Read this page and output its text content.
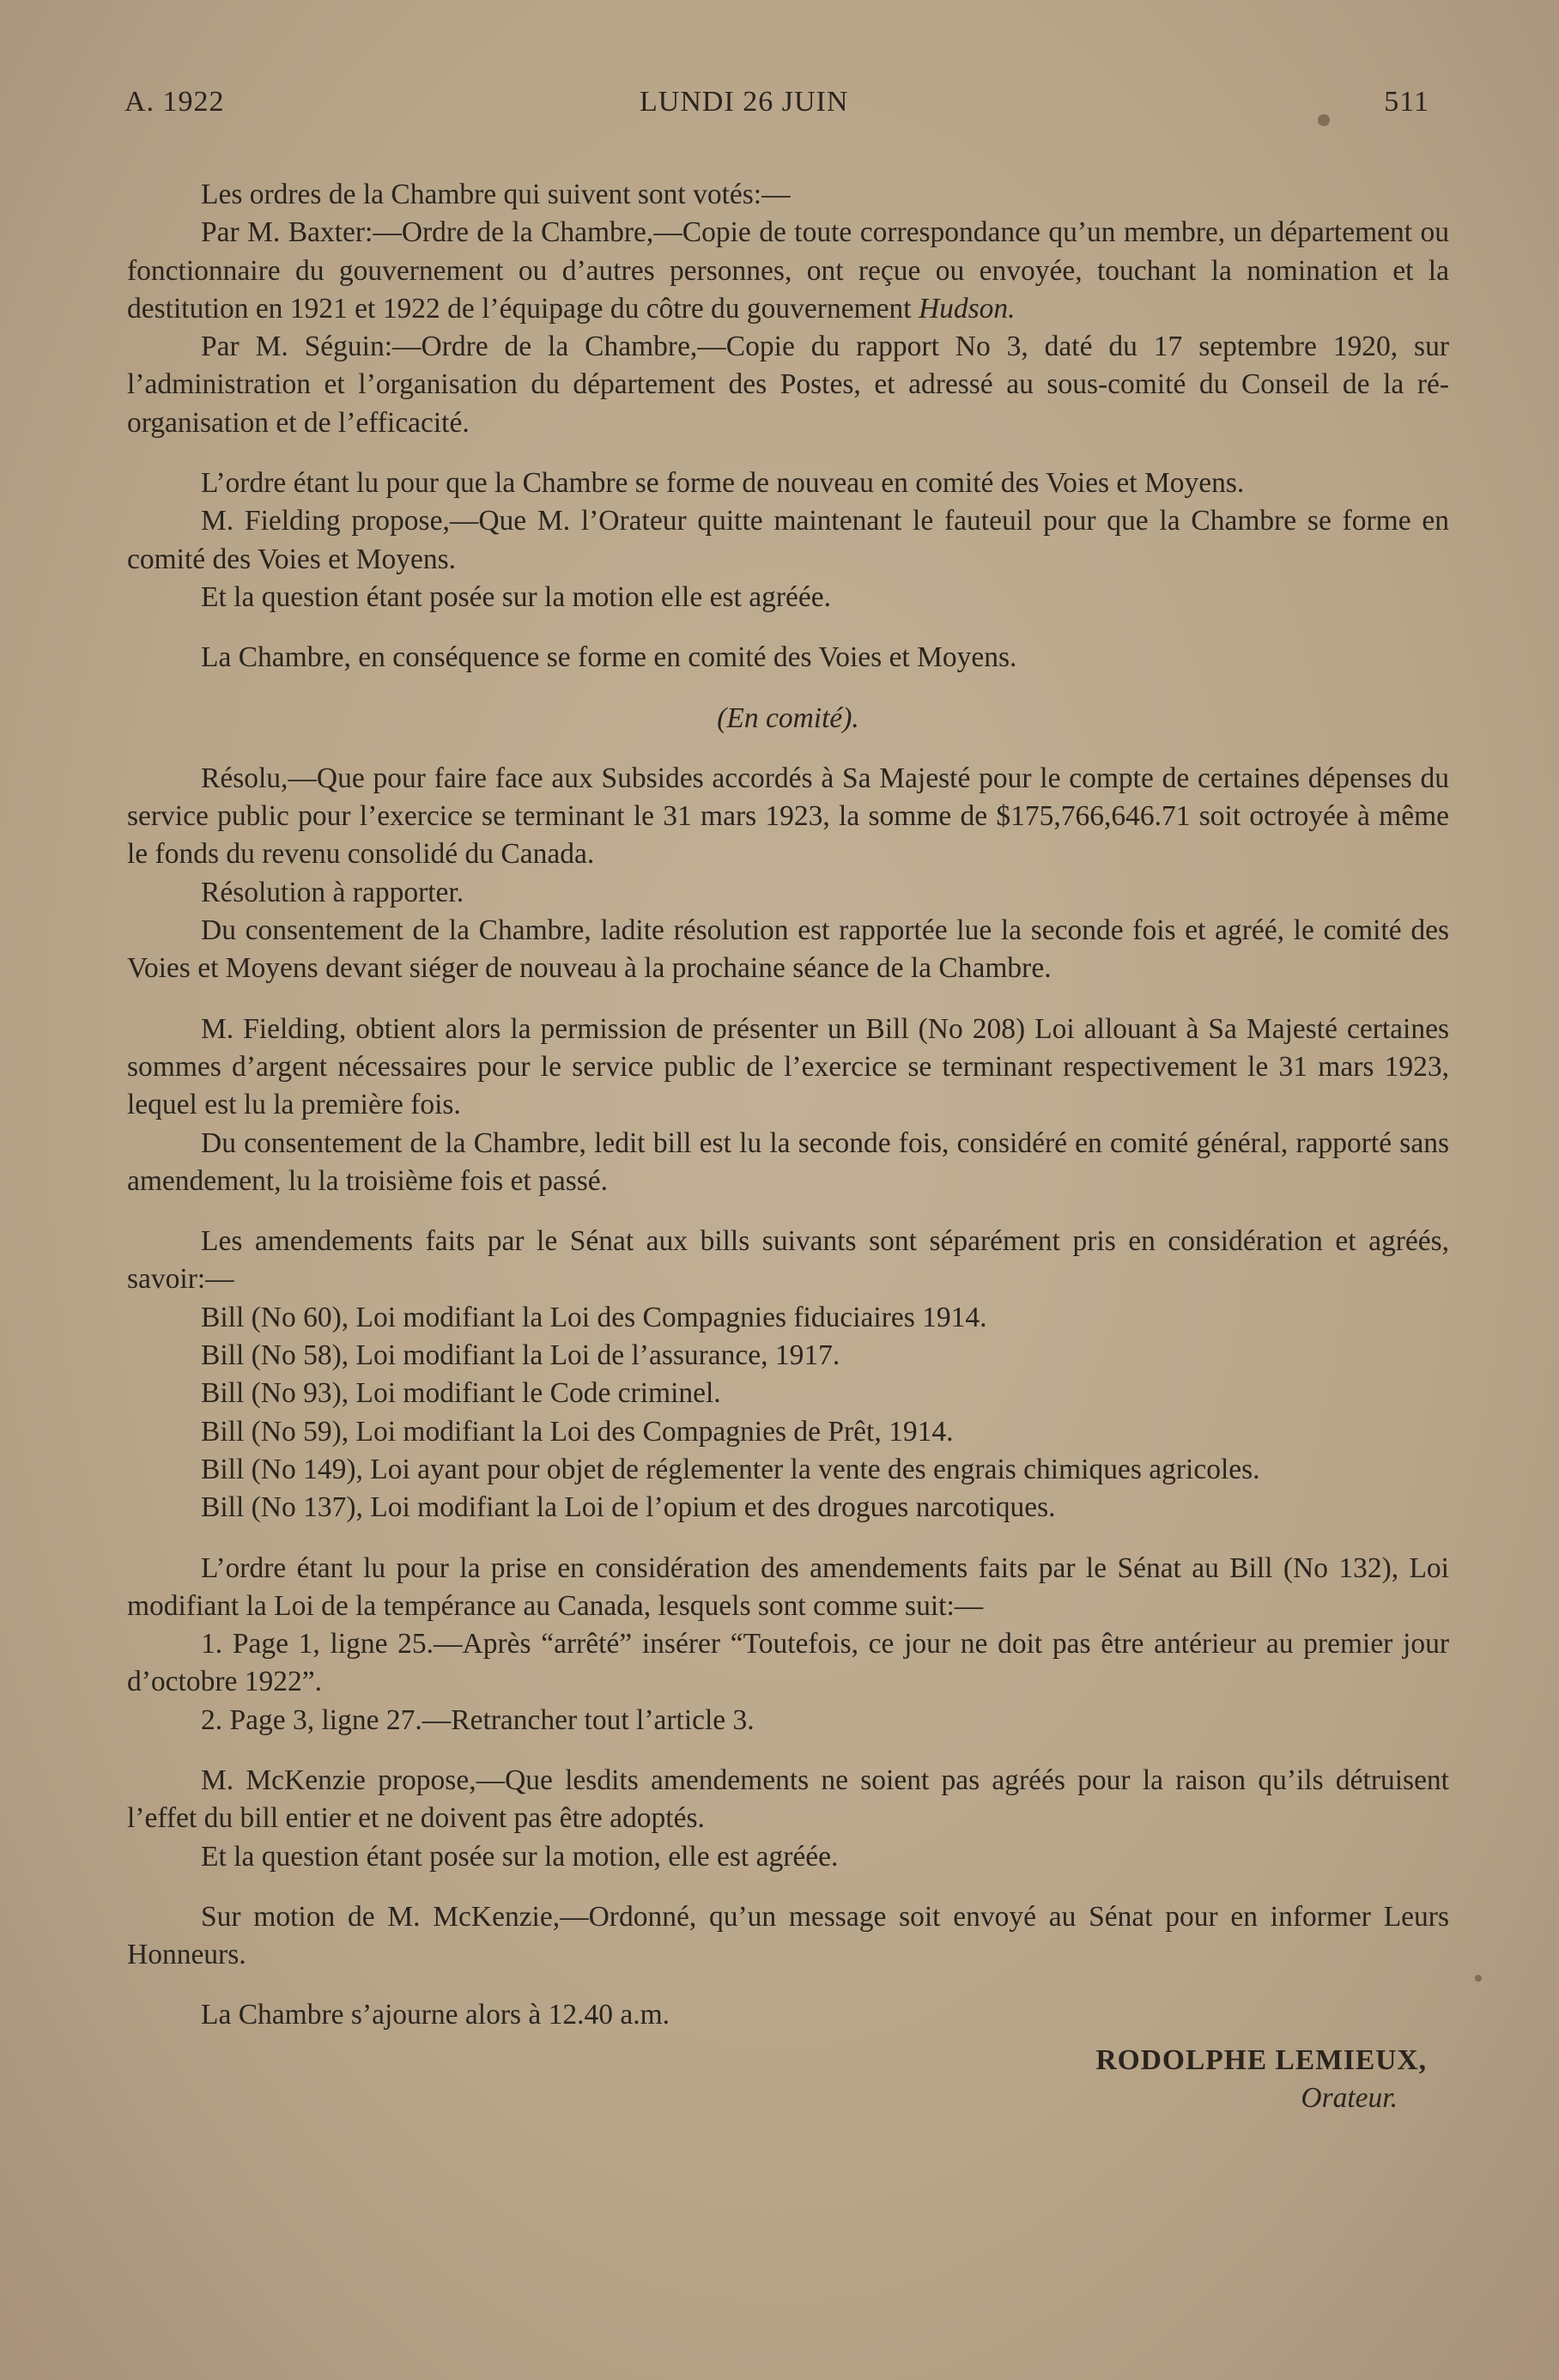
A. 1922	LUNDI 26 JUIN	511

Les ordres de la Chambre qui suivent sont votés:—

Par M. Baxter:—Ordre de la Chambre,—Copie de toute correspondance qu’un membre, un département ou fonctionnaire du gouvernement ou d’autres personnes, ont reçue ou envoyée, touchant la nomination et la destitution en 1921 et 1922 de l’équipage du côtre du gouvernement Hudson.

Par M. Séguin:—Ordre de la Chambre,—Copie du rapport No 3, daté du 17 septembre 1920, sur l’administration et l’organisation du département des Postes, et adressé au sous-comité du Conseil de la ré-organisation et de l’efficacité.

L’ordre étant lu pour que la Chambre se forme de nouveau en comité des Voies et Moyens.

M. Fielding propose,—Que M. l’Orateur quitte maintenant le fauteuil pour que la Chambre se forme en comité des Voies et Moyens.

Et la question étant posée sur la motion elle est agréée.

La Chambre, en conséquence se forme en comité des Voies et Moyens.

(En comité).

Résolu,—Que pour faire face aux Subsides accordés à Sa Majesté pour le compte de certaines dépenses du service public pour l’exercice se terminant le 31 mars 1923, la somme de $175,766,646.71 soit octroyée à même le fonds du revenu consolidé du Canada.

Résolution à rapporter.

Du consentement de la Chambre, ladite résolution est rapportée lue la seconde fois et agréé, le comité des Voies et Moyens devant siéger de nouveau à la prochaine séance de la Chambre.

M. Fielding, obtient alors la permission de présenter un Bill (No 208) Loi allouant à Sa Majesté certaines sommes d’argent nécessaires pour le service public de l’exercice se terminant respectivement le 31 mars 1923, lequel est lu la première fois.

Du consentement de la Chambre, ledit bill est lu la seconde fois, considéré en comité général, rapporté sans amendement, lu la troisième fois et passé.

Les amendements faits par le Sénat aux bills suivants sont séparément pris en considération et agréés, savoir:—

Bill (No 60), Loi modifiant la Loi des Compagnies fiduciaires 1914.

Bill (No 58), Loi modifiant la Loi de l’assurance, 1917.

Bill (No 93), Loi modifiant le Code criminel.

Bill (No 59), Loi modifiant la Loi des Compagnies de Prêt, 1914.

Bill (No 149), Loi ayant pour objet de réglementer la vente des engrais chimiques agricoles.

Bill (No 137), Loi modifiant la Loi de l’opium et des drogues narcotiques.

L’ordre étant lu pour la prise en considération des amendements faits par le Sénat au Bill (No 132), Loi modifiant la Loi de la tempérance au Canada, lesquels sont comme suit:—

1. Page 1, ligne 25.—Après “arrêté” insérer “Toutefois, ce jour ne doit pas être antérieur au premier jour d’octobre 1922”.

2. Page 3, ligne 27.—Retrancher tout l’article 3.

M. McKenzie propose,—Que lesdits amendements ne soient pas agréés pour la raison qu’ils détruisent l’effet du bill entier et ne doivent pas être adoptés.

Et la question étant posée sur la motion, elle est agréée.

Sur motion de M. McKenzie,—Ordonné, qu’un message soit envoyé au Sénat pour en informer Leurs Honneurs.

La Chambre s’ajourne alors à 12.40 a.m.

RODOLPHE LEMIEUX,
Orateur.
